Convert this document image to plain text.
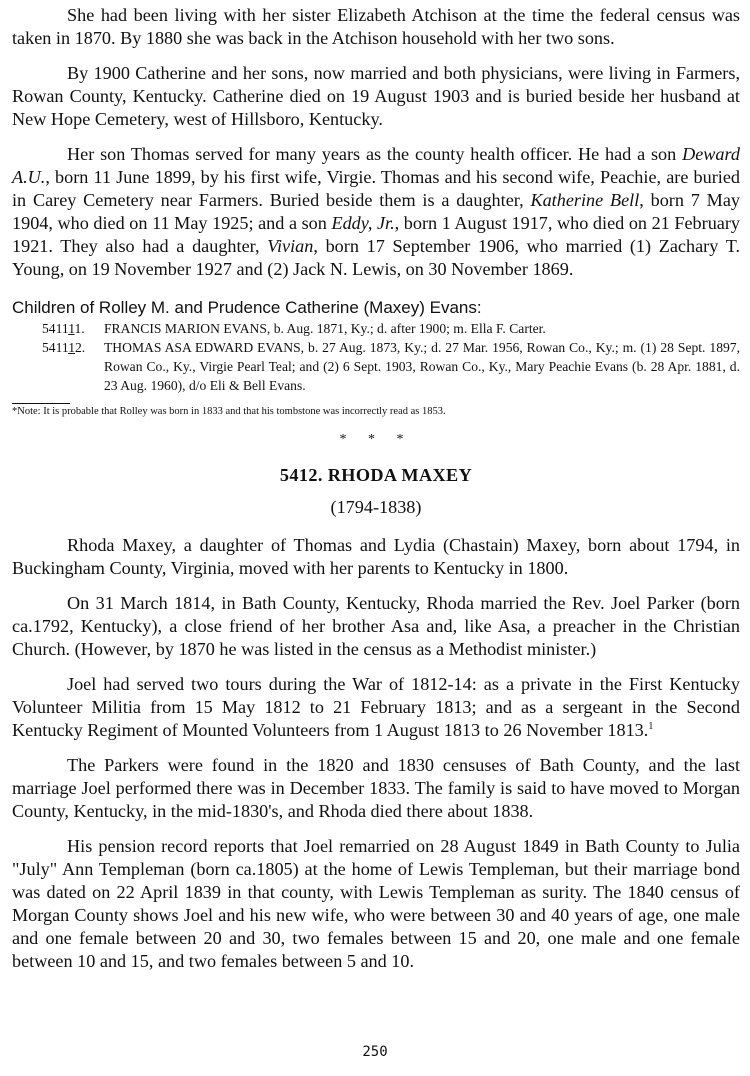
She had been living with her sister Elizabeth Atchison at the time the federal census was taken in 1870. By 1880 she was back in the Atchison household with her two sons.

By 1900 Catherine and her sons, now married and both physicians, were living in Farmers, Rowan County, Kentucky. Catherine died on 19 August 1903 and is buried beside her husband at New Hope Cemetery, west of Hillsboro, Kentucky.

Her son Thomas served for many years as the county health officer. He had a son Deward A.U., born 11 June 1899, by his first wife, Virgie. Thomas and his second wife, Peachie, are buried in Carey Cemetery near Farmers. Buried beside them is a daughter, Katherine Bell, born 7 May 1904, who died on 11 May 1925; and a son Eddy, Jr., born 1 August 1917, who died on 21 February 1921. They also had a daughter, Vivian, born 17 September 1906, who married (1) Zachary T. Young, on 19 November 1927 and (2) Jack N. Lewis, on 30 November 1869.

Children of Rolley M. and Prudence Catherine (Maxey) Evans:
541111. FRANCIS MARION EVANS, b. Aug. 1871, Ky.; d. after 1900; m. Ella F. Carter.
541112. THOMAS ASA EDWARD EVANS, b. 27 Aug. 1873, Ky.; d. 27 Mar. 1956, Rowan Co., Ky.; m. (1) 28 Sept. 1897, Rowan Co., Ky., Virgie Pearl Teal; and (2) 6 Sept. 1903, Rowan Co., Ky., Mary Peachie Evans (b. 28 Apr. 1881, d. 23 Aug. 1960), d/o Eli & Bell Evans.
*Note: It is probable that Rolley was born in 1833 and that his tombstone was incorrectly read as 1853.
* * *
5412. RHODA MAXEY
(1794-1838)

Rhoda Maxey, a daughter of Thomas and Lydia (Chastain) Maxey, born about 1794, in Buckingham County, Virginia, moved with her parents to Kentucky in 1800.

On 31 March 1814, in Bath County, Kentucky, Rhoda married the Rev. Joel Parker (born ca.1792, Kentucky), a close friend of her brother Asa and, like Asa, a preacher in the Christian Church. (However, by 1870 he was listed in the census as a Methodist minister.)

Joel had served two tours during the War of 1812-14: as a private in the First Kentucky Volunteer Militia from 15 May 1812 to 21 February 1813; and as a sergeant in the Second Kentucky Regiment of Mounted Volunteers from 1 August 1813 to 26 November 1813.$^1$

The Parkers were found in the 1820 and 1830 censuses of Bath County, and the last marriage Joel performed there was in December 1833. The family is said to have moved to Morgan County, Kentucky, in the mid-1830's, and Rhoda died there about 1838.

His pension record reports that Joel remarried on 28 August 1849 in Bath County to Julia "July" Ann Templeman (born ca.1805) at the home of Lewis Templeman, but their marriage bond was dated on 22 April 1839 in that county, with Lewis Templeman as surity. The 1840 census of Morgan County shows Joel and his new wife, who were between 30 and 40 years of age, one male and one female between 20 and 30, two females between 15 and 20, one male and one female between 10 and 15, and two females between 5 and 10.

250
